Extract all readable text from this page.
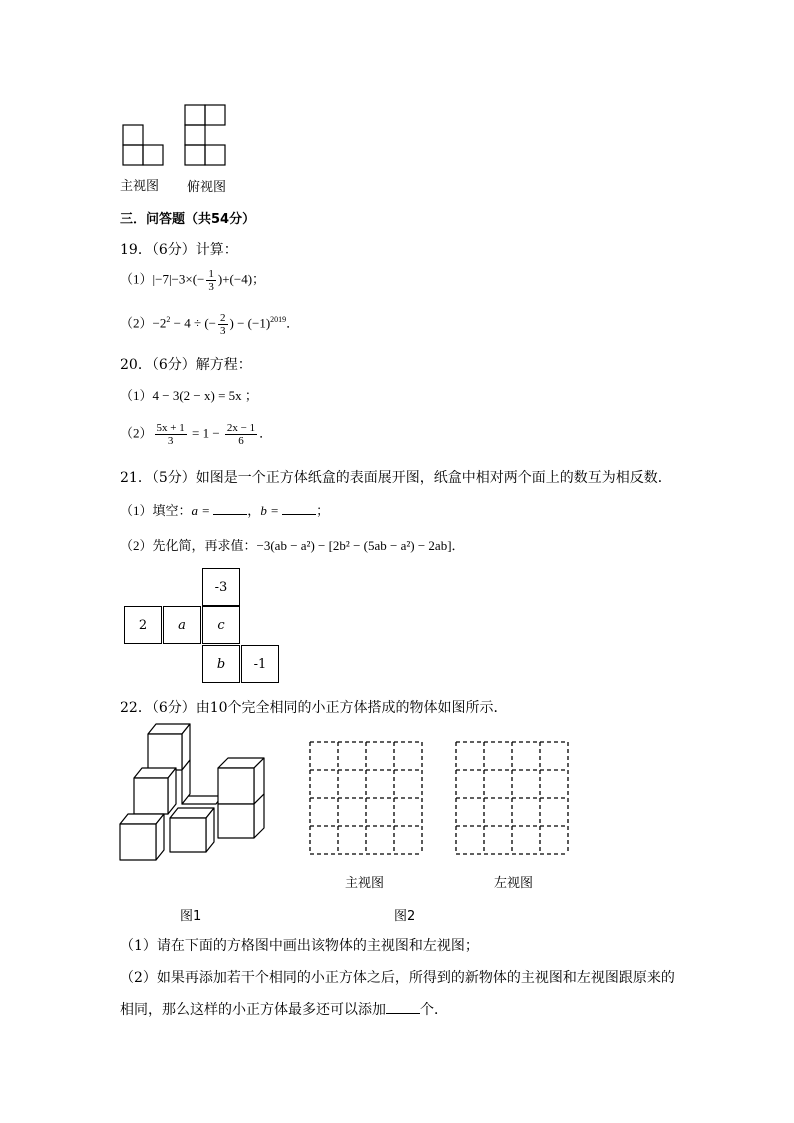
主视图 俯视图
三．问答题（共54分）
19．（6分）计算：
$(1)|-7|-3\times(- \frac{1}{3} )+(-4)$；
$(2)-2^2 - 4$ ÷ (− $\frac{2}{3}$ ) − $(-1)^{2019}$．
20．（6分）解方程：
（1）4 − 3(2 − x) = 5x ；
$(2) \frac{5x + 1}{3} = 1 - \frac{2x - 1}{6}$ ．
21．（5分）如图是一个正方体纸盒的表面展开图，纸盒中相对两个面上的数互为相反数．
（1）填空：a =	，b =	；
（2）先化简，再求值：−3(ab − a²) − [2b² − (5ab − a²) − 2ab]．
-3
2	a	c
b	-1
22．（6分）由10个完全相同的小正方体搭成的物体如图所示．
主视图	左视图
图1	图2
（1）请在下面的方格图中画出该物体的主视图和左视图；
（2）如果再添加若干个相同的小正方体之后，所得到的新物体的主视图和左视图跟原来的
相同，那么这样的小正方体最多还可以添加 个．
